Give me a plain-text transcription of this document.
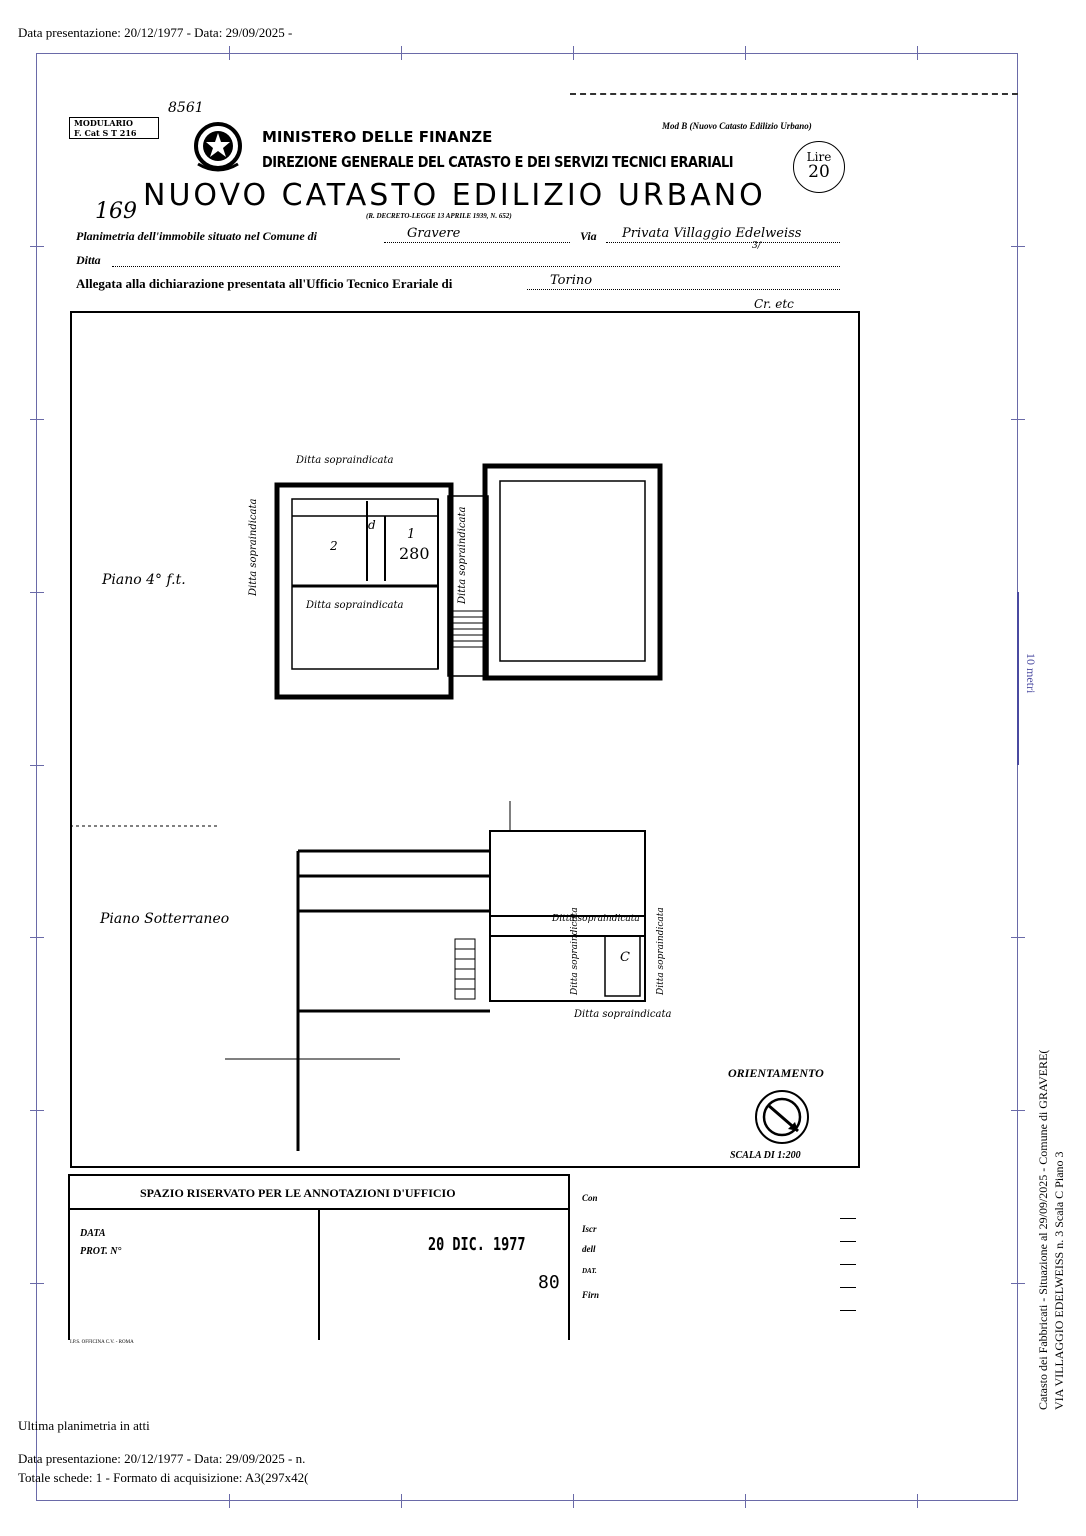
Data presentazione: 20/12/1977 - Data: 29/09/2025 -
10 metri
MODULARIO
F. Cat S T 216
8561
MINISTERO DELLE FINANZE
Mod B (Nuovo Catasto Edilizio Urbano)
DIREZIONE GENERALE DEL CATASTO E DEI SERVIZI TECNICI ERARIALI	Lire
20
NUOVO CATASTO EDILIZIO URBANO
169	(R. DECRETO-LEGGE 13 APRILE 1939, N. 652)
Planimetria dell'immobile situato nel Comune di	Gravere	Via Privata Villaggio Edelweiss
3/
Ditta
Allegata alla dichiarazione presentata all'Ufficio Tecnico Erariale di	Torino
Cr. etc
Piano 4° f.t.
Piano Sotterraneo
Ditta sopraindicata
Ditta sopraindicata
Ditta sopraindicata	Ditta sopraindicata
1
280
2
d
Ditta sopraindicata
Ditta sopraindicata
Ditta sopraindicata
Ditta sopraindicata	C
ORIENTAMENTO
SCALA DI 1:200
SPAZIO RISERVATO PER LE ANNOTAZIONI D'UFFICIO
DATA
PROT. N°	20 DIC. 1977
80
I.P.S. OFFICINA C.V. - ROMA
Con
Iscr
dell
DAT.
Firn	Catasto dei Fabbricati - Situazione al 29/09/2025 - Comune di GRAVERE( VIA VILLAGGIO EDELWEISS n. 3 Scala C Piano 3
Ultima planimetria in atti
Data presentazione: 20/12/1977 - Data: 29/09/2025 - n.
Totale schede: 1 - Formato di acquisizione: A3(297x42(
